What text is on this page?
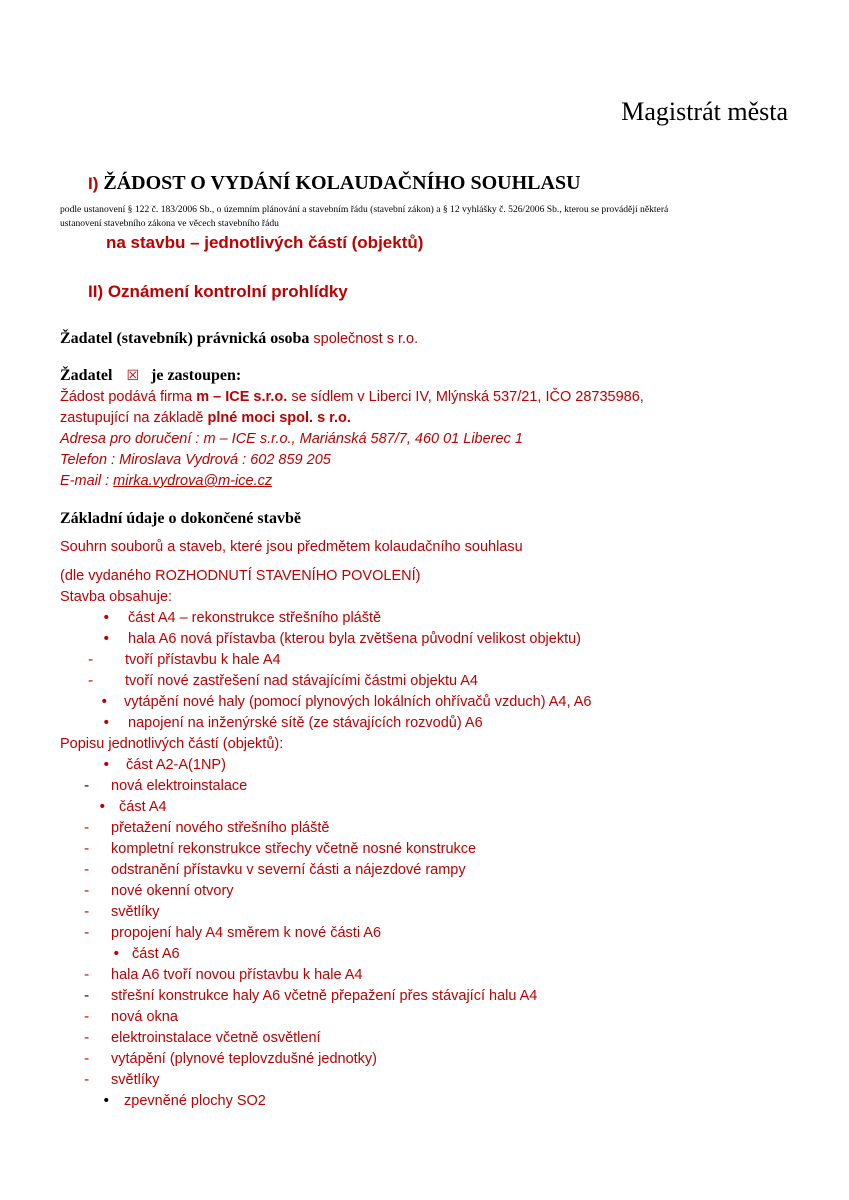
Magistrát města
I) ŽÁDOST O VYDÁNÍ KOLAUDAČNÍHO SOUHLASU
podle ustanovení § 122 č. 183/2006 Sb., o územním plánování a stavebním řádu (stavební zákon) a § 12 vyhlášky č. 526/2006 Sb., kterou se provádějí některá
ustanovení stavebního zákona ve věcech stavebního řádu
na stavbu – jednotlivých částí (objektů)
II) Oznámení kontrolní prohlídky
Žadatel (stavebník) právnická osoba společnost s r.o.
Žadatel ☒ je zastoupen:
Žádost podává firma m – ICE s.r.o. se sídlem v Liberci IV, Mlýnská 537/21, IČO 28735986,
zastupující na základě plné moci spol. s r.o.
Adresa pro doručení : m – ICE s.r.o., Mariánská 587/7, 460 01 Liberec 1
Telefon : Miroslava Vydrová : 602 859 205
E-mail : mirka.vydrova@m-ice.cz
Základní údaje o dokončené stavbě
Souhrn souborů a staveb, které jsou předmětem kolaudačního souhlasu
(dle vydaného ROZHODNUTÍ STAVENÍHO POVOLENÍ)
Stavba obsahuje:
• část A4 – rekonstrukce střešního pláště
• hala A6 nová přístavba (kterou byla zvětšena původní velikost objektu)
- tvoří přístavbu k hale A4
- tvoří nové zastřešení nad stávajícími částmi objektu A4
• vytápění nové haly (pomocí plynových lokálních ohřívačů vzduch) A4, A6
• napojení na inženýrské sítě (ze stávajících rozvodů) A6
Popisu jednotlivých částí (objektů):
• část A2-A(1NP)
- nová elektroinstalace
• část A4
- přetažení nového střešního pláště
- kompletní rekonstrukce střechy včetně nosné konstrukce
- odstranění přístavku v severní části a nájezdové rampy
- nové okenní otvory
- světlíky
- propojení haly A4 směrem k nové části A6
• část A6
- hala A6 tvoří novou přístavbu k hale A4
- střešní konstrukce haly A6 včetně přepažení přes stávající halu A4
- nová okna
- elektroinstalace včetně osvětlení
- vytápění (plynové teplovzdušné jednotky)
- světlíky
• zpevněné plochy SO2
